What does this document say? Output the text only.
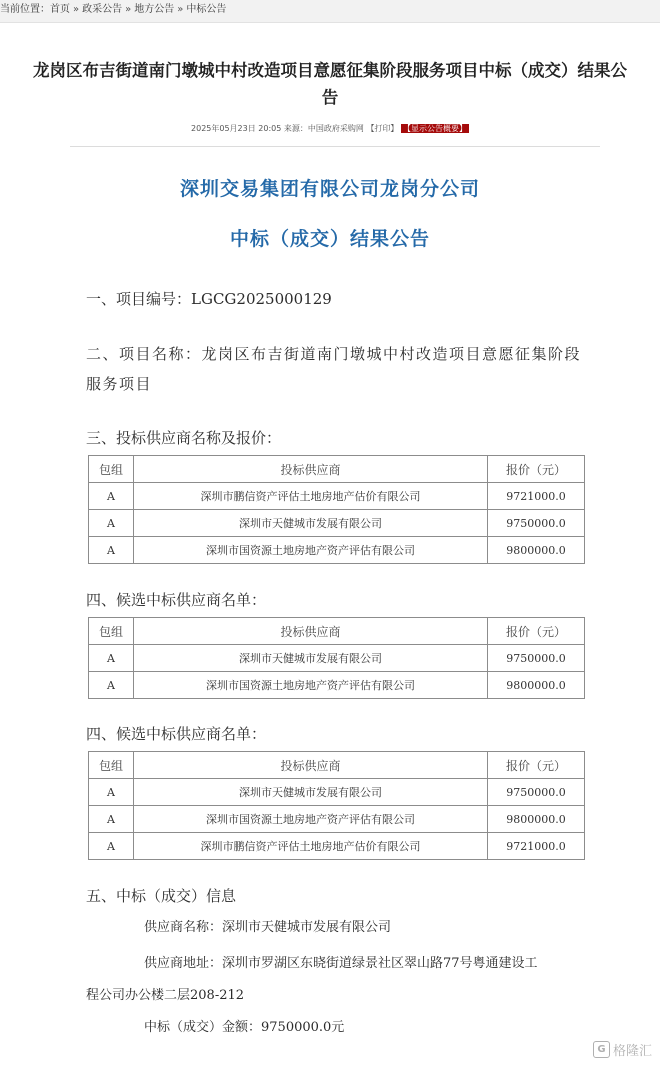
当前位置：首页 » 政采公告 » 地方公告 » 中标公告
龙岗区布吉街道南门墩城中村改造项目意愿征集阶段服务项目中标（成交）结果公
告
2025年05月23日 20:05 来源：中国政府采购网 【打印】 【显示公告概要】
深圳交易集团有限公司龙岗分公司
中标（成交）结果公告
一、项目编号：LGCG2025000129
二、项目名称：龙岗区布吉街道南门墩城中村改造项目意愿征集阶段服务项目
三、投标供应商名称及报价：
包组	投标供应商	报价（元）
A	深圳市鹏信资产评估土地房地产估价有限公司	9721000.0
A	深圳市天健城市发展有限公司	9750000.0
A	深圳市国资源土地房地产资产评估有限公司	9800000.0
四、候选中标供应商名单：
包组	投标供应商	报价（元）
A	深圳市天健城市发展有限公司	9750000.0
A	深圳市国资源土地房地产资产评估有限公司	9800000.0
四、候选中标供应商名单：
包组	投标供应商	报价（元）
A	深圳市天健城市发展有限公司	9750000.0
A	深圳市国资源土地房地产资产评估有限公司	9800000.0
A	深圳市鹏信资产评估土地房地产估价有限公司	9721000.0
五、中标（成交）信息
供应商名称：深圳市天健城市发展有限公司
供应商地址：深圳市罗湖区东晓街道绿景社区翠山路77号粤通建设工
程公司办公楼二层208-212
中标（成交）金额：9750000.0元
G 格隆汇
